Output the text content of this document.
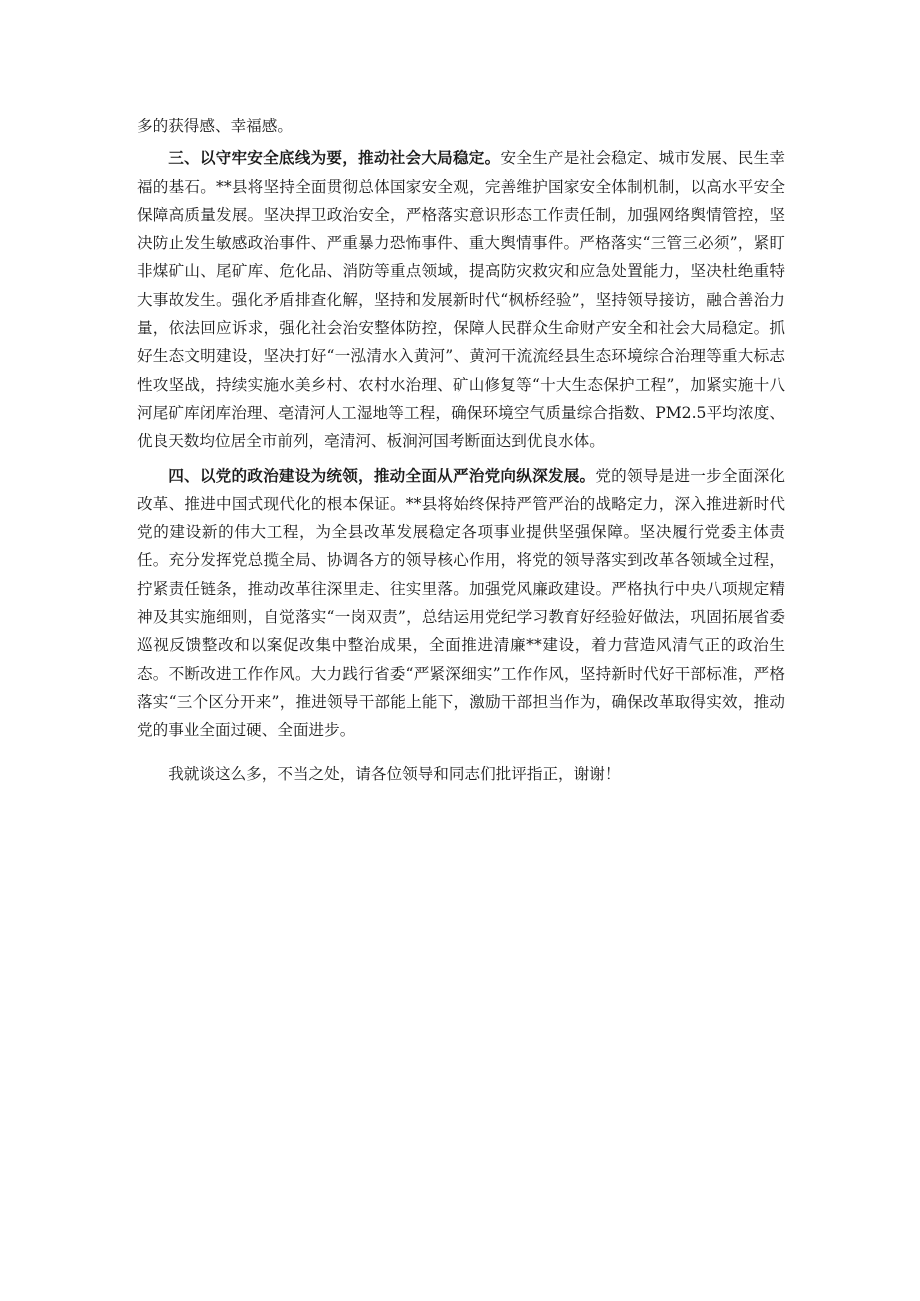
多的获得感、幸福感。

三、以守牢安全底线为要，推动社会大局稳定。安全生产是社会稳定、城市发展、民生幸福的基石。**县将坚持全面贯彻总体国家安全观，完善维护国家安全体制机制，以高水平安全保障高质量发展。坚决捍卫政治安全，严格落实意识形态工作责任制，加强网络舆情管控，坚决防止发生敏感政治事件、严重暴力恐怖事件、重大舆情事件。严格落实“三管三必须”，紧盯非煤矿山、尾矿库、危化品、消防等重点领域，提高防灾救灾和应急处置能力，坚决杜绝重特大事故发生。强化矛盾排查化解，坚持和发展新时代“枫桥经验”，坚持领导接访，融合善治力量，依法回应诉求，强化社会治安整体防控，保障人民群众生命财产安全和社会大局稳定。抓好生态文明建设，坚决打好“一泓清水入黄河”、黄河干流流经县生态环境综合治理等重大标志性攻坚战，持续实施水美乡村、农村水治理、矿山修复等“十大生态保护工程”，加紧实施十八河尾矿库闭库治理、亳清河人工湿地等工程，确保环境空气质量综合指数、PM2.5平均浓度、优良天数均位居全市前列，亳清河、板涧河国考断面达到优良水体。

四、以党的政治建设为统领，推动全面从严治党向纵深发展。党的领导是进一步全面深化改革、推进中国式现代化的根本保证。**县将始终保持严管严治的战略定力，深入推进新时代党的建设新的伟大工程，为全县改革发展稳定各项事业提供坚强保障。坚决履行党委主体责任。充分发挥党总揽全局、协调各方的领导核心作用，将党的领导落实到改革各领域全过程，拧紧责任链条，推动改革往深里走、往实里落。加强党风廉政建设。严格执行中央八项规定精神及其实施细则，自觉落实“一岗双责”，总结运用党纪学习教育好经验好做法，巩固拓展省委巡视反馈整改和以案促改集中整治成果，全面推进清廉**建设，着力营造风清气正的政治生态。不断改进工作作风。大力践行省委“严紧深细实”工作作风，坚持新时代好干部标准，严格落实“三个区分开来”，推进领导干部能上能下，激励干部担当作为，确保改革取得实效，推动党的事业全面过硬、全面进步。

我就谈这么多，不当之处，请各位领导和同志们批评指正，谢谢！
